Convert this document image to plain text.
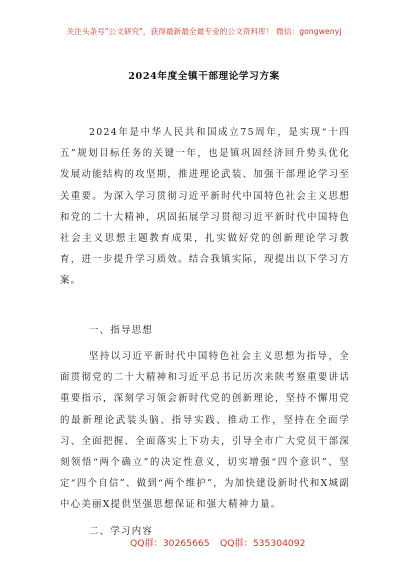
关注头条号"公文研究"，获得最新最全最专业的公文资料库！ 微信：gongwenyj
2024年度全镇干部理论学习方案
2024年是中华人民共和国成立75周年，是实现“十四五”规划目标任务的关键一年，也是镇巩固经济回升势头优化发展动能结构的攻坚期，推进理论武装、加强干部理论学习至关重要。为深入学习贯彻习近平新时代中国特色社会主义思想和党的二十大精神，巩固拓展学习贯彻习近平新时代中国特色社会主义思想主题教育成果，扎实做好党的创新理论学习教育，进一步提升学习质效。结合我镇实际，现提出以下学习方案。
一、指导思想
坚持以习近平新时代中国特色社会主义思想为指导，全面贯彻党的二十大精神和习近平总书记历次来陕考察重要讲话重要指示，深刻学习领会新时代党的创新理论，坚持不懈用党的最新理论武装头脑、指导实践、推动工作，坚持在全面学习、全面把握、全面落实上下功夫，引导全市广大党员干部深刻领悟“两个确立”的决定性意义，切实增强“四个意识”、坚定“四个自信”、做到“两个维护”，为加快建设新时代和X城副中心美丽X提供坚强思想保证和强大精神力量。
二、学习内容
QQ群：30265665 QQ群：535304092
